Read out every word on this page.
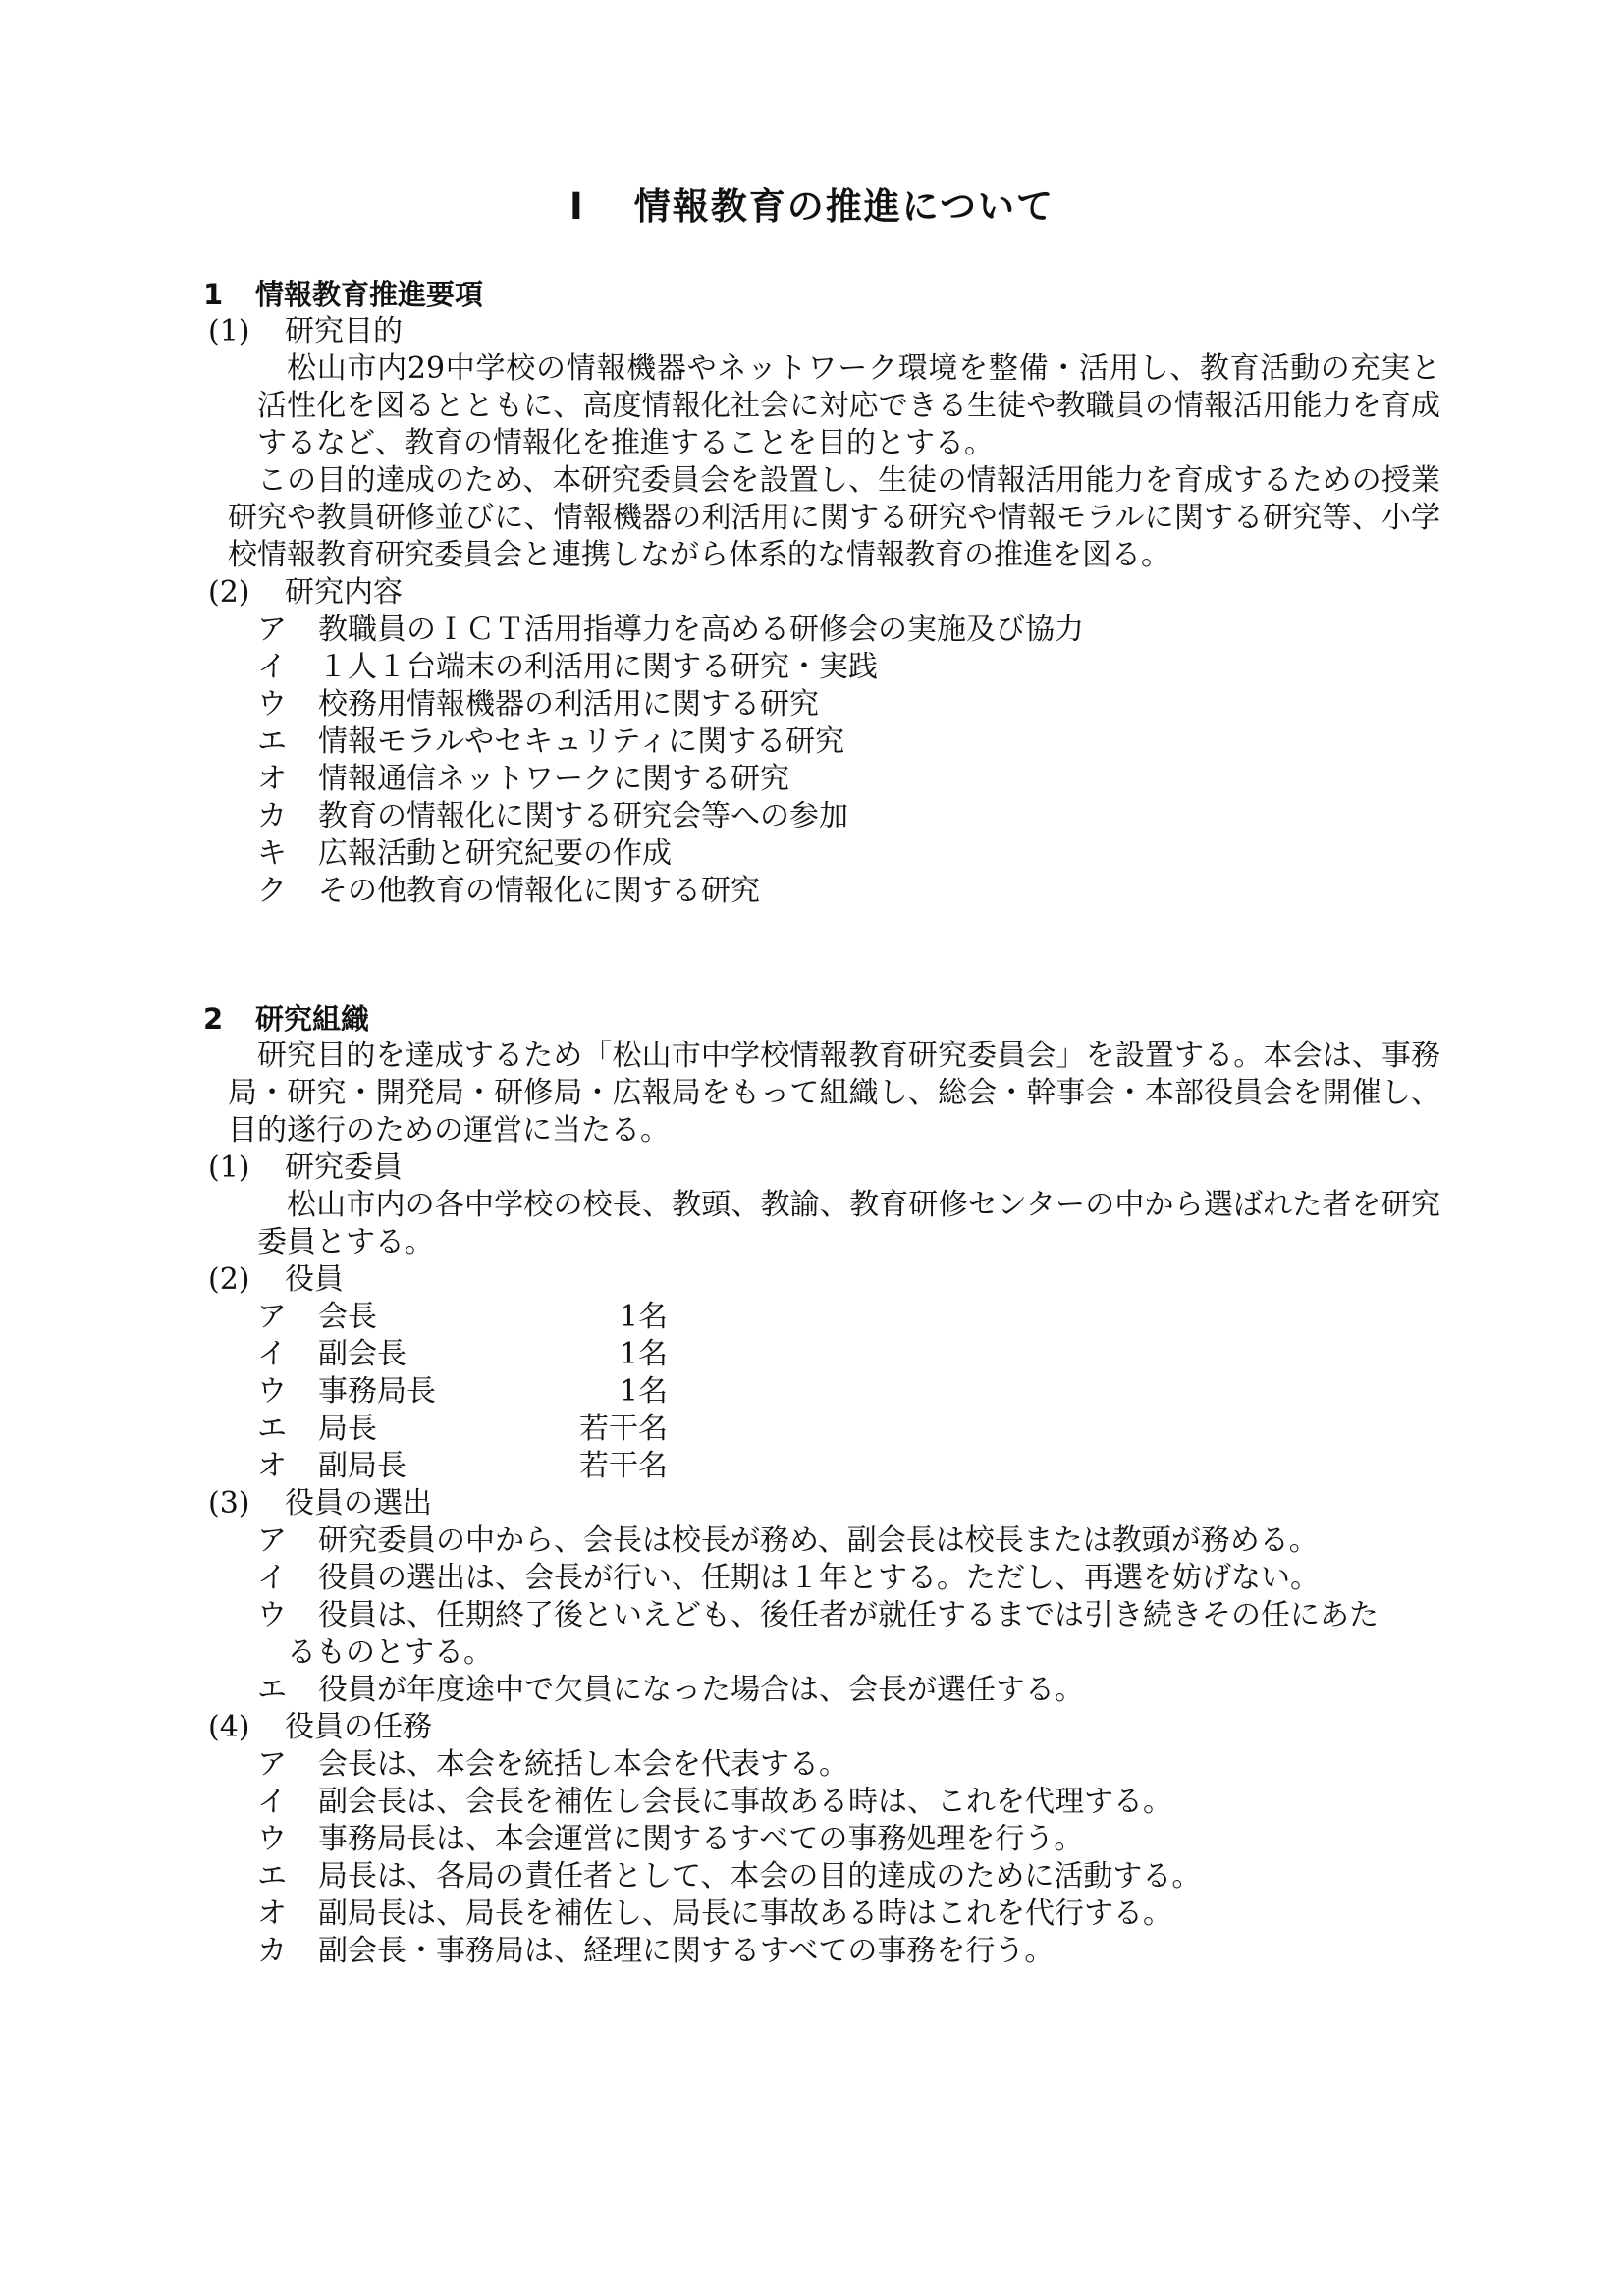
Ⅰ 情報教育の推進について
1 情報教育推進要項
(1) 研究目的
松山市内29中学校の情報機器やネットワーク環境を整備・活用し、教育活動の充実と活性化を図るとともに、高度情報化社会に対応できる生徒や教職員の情報活用能力を育成するなど、教育の情報化を推進することを目的とする。
この目的達成のため、本研究委員会を設置し、生徒の情報活用能力を育成するための授業研究や教員研修並びに、情報機器の利活用に関する研究や情報モラルに関する研究等、小学校情報教育研究委員会と連携しながら体系的な情報教育の推進を図る。
(2) 研究内容
ア 教職員のＩＣＴ活用指導力を高める研修会の実施及び協力
イ １人１台端末の利活用に関する研究・実践
ウ 校務用情報機器の利活用に関する研究
エ 情報モラルやセキュリティに関する研究
オ 情報通信ネットワークに関する研究
カ 教育の情報化に関する研究会等への参加
キ 広報活動と研究紀要の作成
ク その他教育の情報化に関する研究
2 研究組織
研究目的を達成するため「松山市中学校情報教育研究委員会」を設置する。本会は、事務局・研究・開発局・研修局・広報局をもって組織し、総会・幹事会・本部役員会を開催し、目的遂行のための運営に当たる。
(1) 研究委員
松山市内の各中学校の校長、教頭、教諭、教育研修センターの中から選ばれた者を研究委員とする。
(2) 役員
ア 会長	1名
イ 副会長	1名
ウ 事務局長	1名
エ 局長	若干名
オ 副局長	若干名
(3) 役員の選出
ア 研究委員の中から、会長は校長が務め、副会長は校長または教頭が務める。
イ 役員の選出は、会長が行い、任期は１年とする。ただし、再選を妨げない。
ウ 役員は、任期終了後といえども、後任者が就任するまでは引き続きその任にあた
るものとする。
エ 役員が年度途中で欠員になった場合は、会長が選任する。
(4) 役員の任務
ア 会長は、本会を統括し本会を代表する。
イ 副会長は、会長を補佐し会長に事故ある時は、これを代理する。
ウ 事務局長は、本会運営に関するすべての事務処理を行う。
エ 局長は、各局の責任者として、本会の目的達成のために活動する。
オ 副局長は、局長を補佐し、局長に事故ある時はこれを代行する。
カ 副会長・事務局は、経理に関するすべての事務を行う。
